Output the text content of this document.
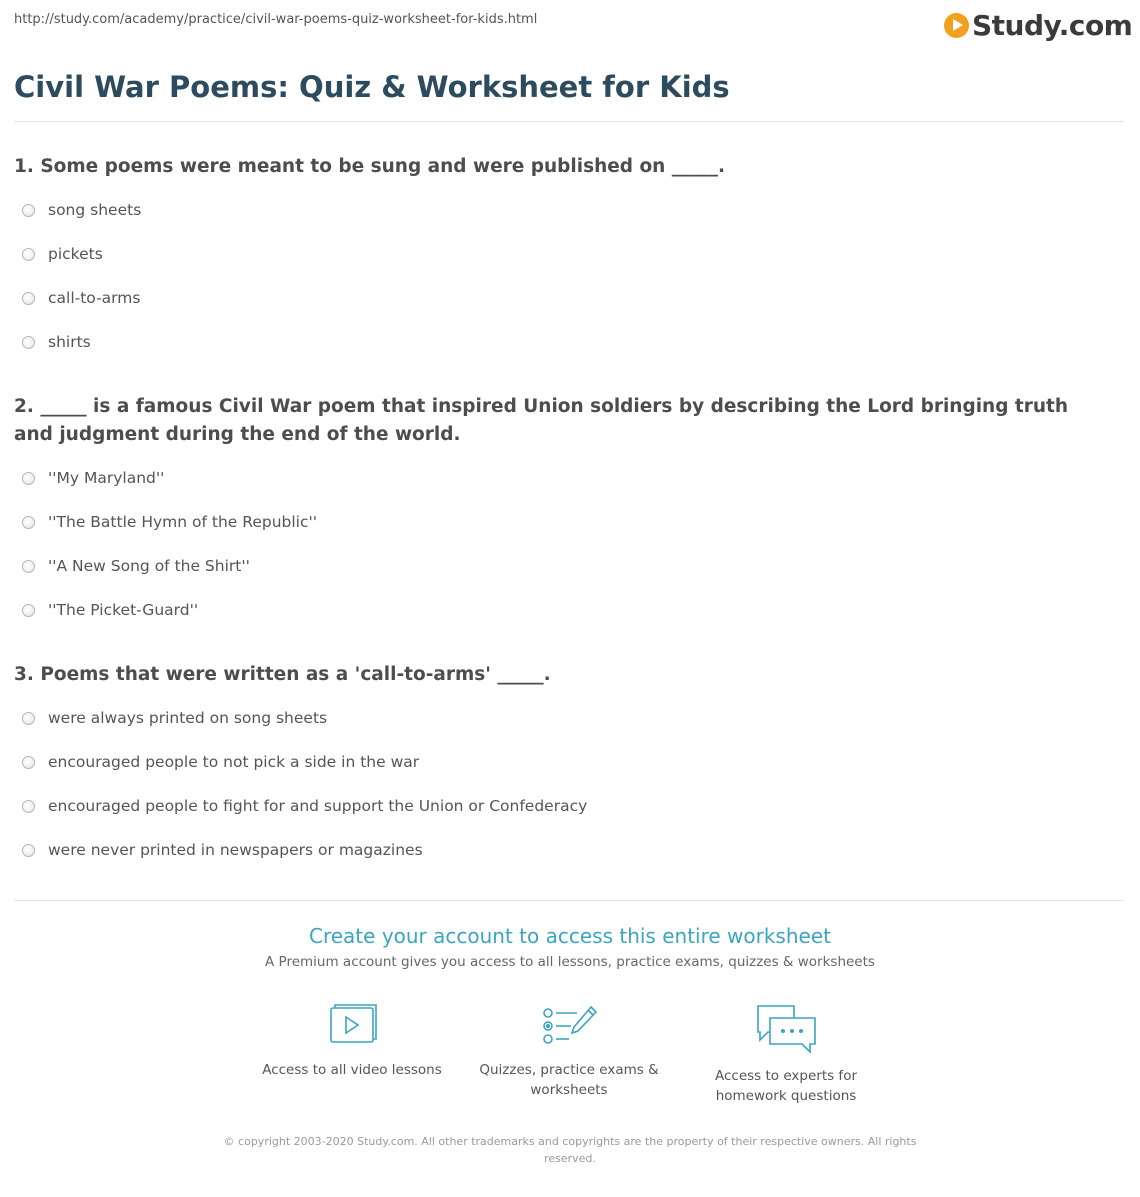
http://study.com/academy/practice/civil-war-poems-quiz-worksheet-for-kids.html	Study.com
Civil War Poems: Quiz & Worksheet for Kids
1. Some poems were meant to be sung and were published on _____.
song sheets
pickets
call-to-arms
shirts
2. _____ is a famous Civil War poem that inspired Union soldiers by describing the Lord bringing truth and judgment during the end of the world.
''My Maryland''
''The Battle Hymn of the Republic''
''A New Song of the Shirt''
''The Picket-Guard''
3. Poems that were written as a 'call-to-arms' _____.
were always printed on song sheets
encouraged people to not pick a side in the war
encouraged people to fight for and support the Union or Confederacy
were never printed in newspapers or magazines
Create your account to access this entire worksheet
A Premium account gives you access to all lessons, practice exams, quizzes & worksheets
Access to all video lessons	Quizzes, practice exams & worksheets
Access to experts for homework questions
© copyright 2003-2020 Study.com. All other trademarks and copyrights are the property of their respective owners. All rights reserved.
